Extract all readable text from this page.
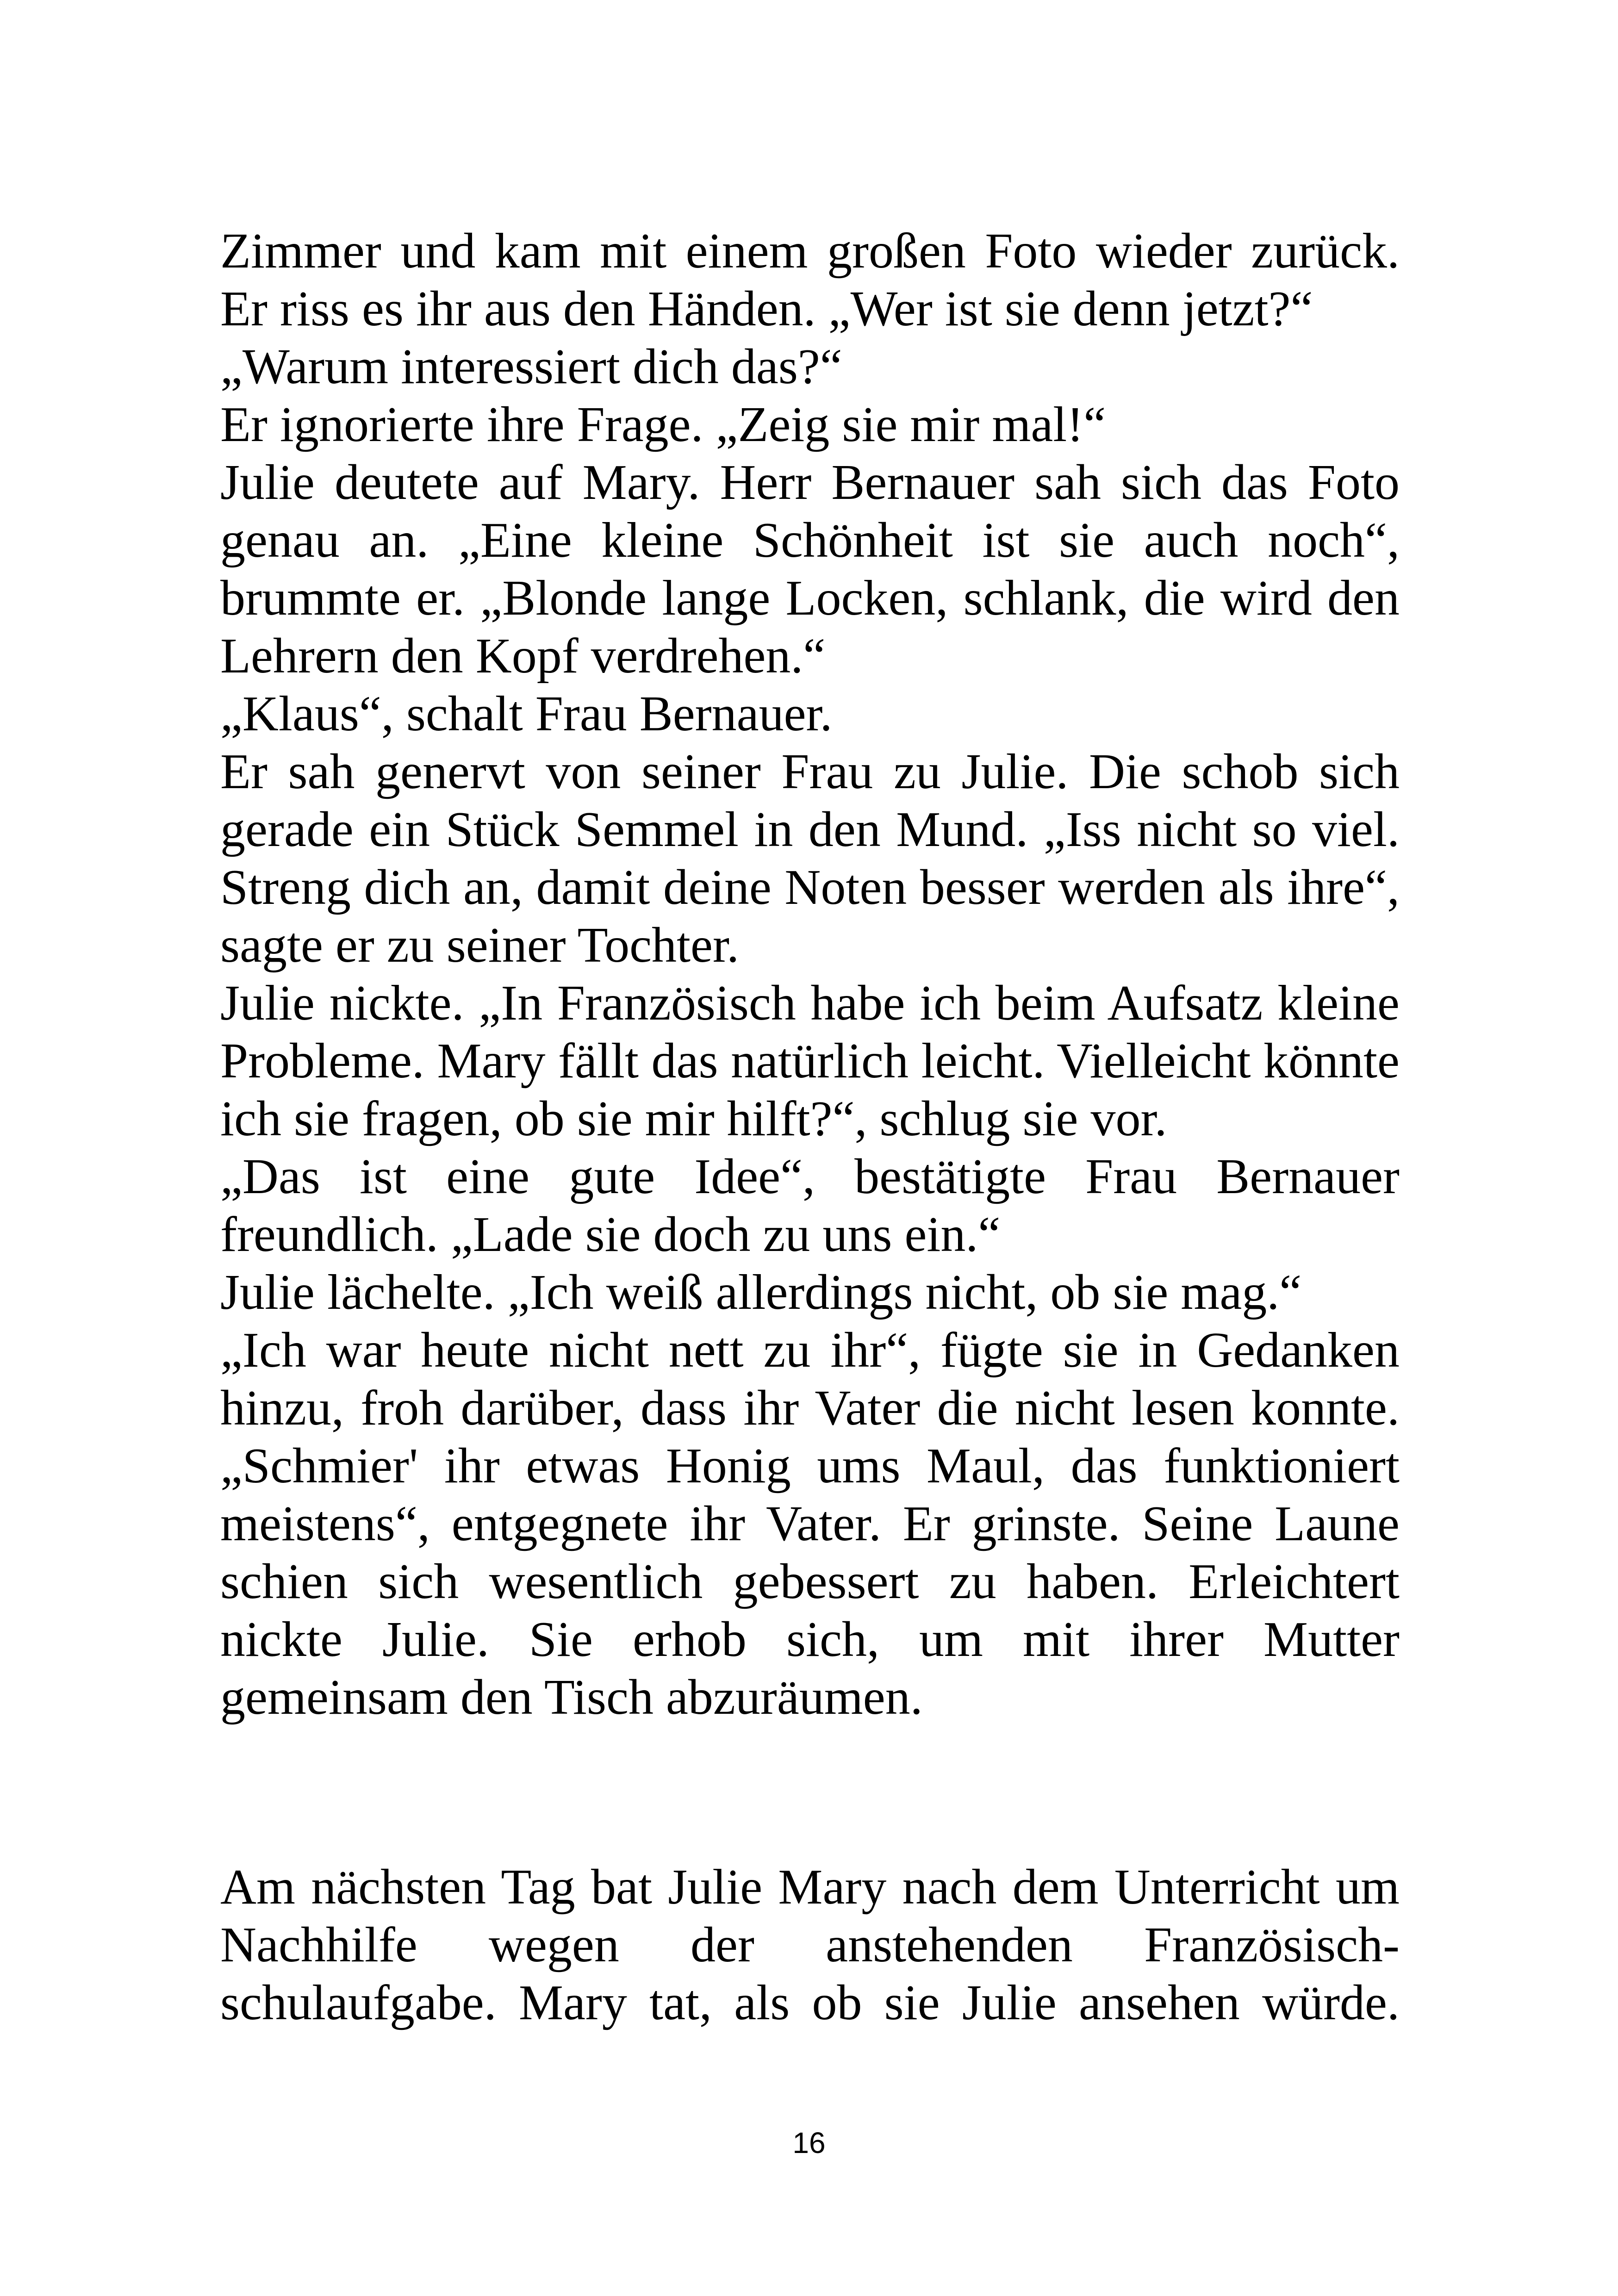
Zimmer und kam mit einem großen Foto wieder zurück.
Er riss es ihr aus den Händen. „Wer ist sie denn jetzt?“
„Warum interessiert dich das?“
Er ignorierte ihre Frage. „Zeig sie mir mal!“
Julie deutete auf Mary. Herr Bernauer sah sich das Foto
genau an. „Eine kleine Schönheit ist sie auch noch“,
brummte er. „Blonde lange Locken, schlank, die wird den
Lehrern den Kopf verdrehen.“
„Klaus“, schalt Frau Bernauer.
Er sah genervt von seiner Frau zu Julie. Die schob sich
gerade ein Stück Semmel in den Mund. „Iss nicht so viel.
Streng dich an, damit deine Noten besser werden als ihre“,
sagte er zu seiner Tochter.
Julie nickte. „In Französisch habe ich beim Aufsatz kleine
Probleme. Mary fällt das natürlich leicht. Vielleicht könnte
ich sie fragen, ob sie mir hilft?“, schlug sie vor.
„Das ist eine gute Idee“, bestätigte Frau Bernauer
freundlich. „Lade sie doch zu uns ein.“
Julie lächelte. „Ich weiß allerdings nicht, ob sie mag.“
„Ich war heute nicht nett zu ihr“, fügte sie in Gedanken
hinzu, froh darüber, dass ihr Vater die nicht lesen konnte.
„Schmier' ihr etwas Honig ums Maul, das funktioniert
meistens“, entgegnete ihr Vater. Er grinste. Seine Laune
schien sich wesentlich gebessert zu haben. Erleichtert
nickte Julie. Sie erhob sich, um mit ihrer Mutter
gemeinsam den Tisch abzuräumen.
Am nächsten Tag bat Julie Mary nach dem Unterricht um
Nachhilfe wegen der anstehenden Französisch-
schulaufgabe. Mary tat, als ob sie Julie ansehen würde.
16
